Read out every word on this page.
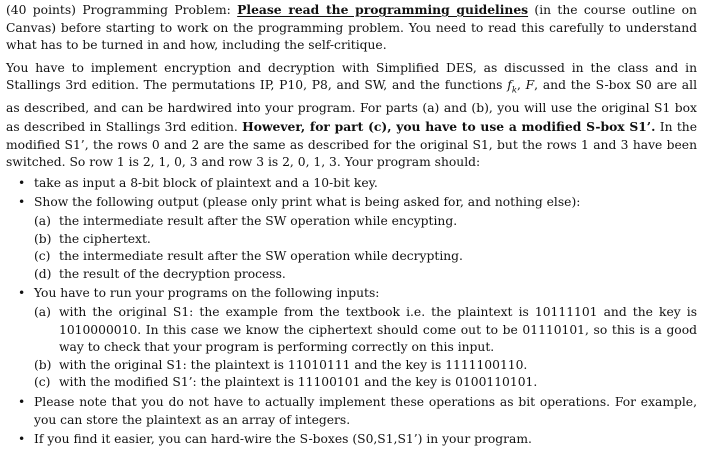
(40 points) Programming Problem: Please read the programming guidelines (in the course outline on Canvas) before starting to work on the programming problem. You need to read this carefully to understand what has to be turned in and how, including the self-critique.

You have to implement encryption and decryption with Simplified DES, as discussed in the class and in Stallings 3rd edition. The permutations IP, P10, P8, and SW, and the functions $f_k$, F, and the S-box S0 are all as described, and can be hardwired into your program. For parts (a) and (b), you will use the original S1 box as described in Stallings 3rd edition. However, for part (c), you have to use a modified S-box S1’. In the modified S1’, the rows 0 and 2 are the same as described for the original S1, but the rows 1 and 3 have been switched. So row 1 is 2, 1, 0, 3 and row 3 is 2, 0, 1, 3. Your program should:

• take as input a 8-bit block of plaintext and a 10-bit key.
• Show the following output (please only print what is being asked for, and nothing else):
(a) the intermediate result after the SW operation while encypting.
(b) the ciphertext.
(c) the intermediate result after the SW operation while decrypting.
(d) the result of the decryption process.
• You have to run your programs on the following inputs:
(a) with the original S1: the example from the textbook i.e. the plaintext is 10111101 and the key is 1010000010. In this case we know the ciphertext should come out to be 01110101, so this is a good way to check that your program is performing correctly on this input.
(b) with the original S1: the plaintext is 11010111 and the key is 1111100110.
(c) with the modified S1’: the plaintext is 11100101 and the key is 0100110101.
• Please note that you do not have to actually implement these operations as bit operations. For example, you can store the plaintext as an array of integers.
• If you find it easier, you can hard-wire the S-boxes (S0,S1,S1’) in your program.
